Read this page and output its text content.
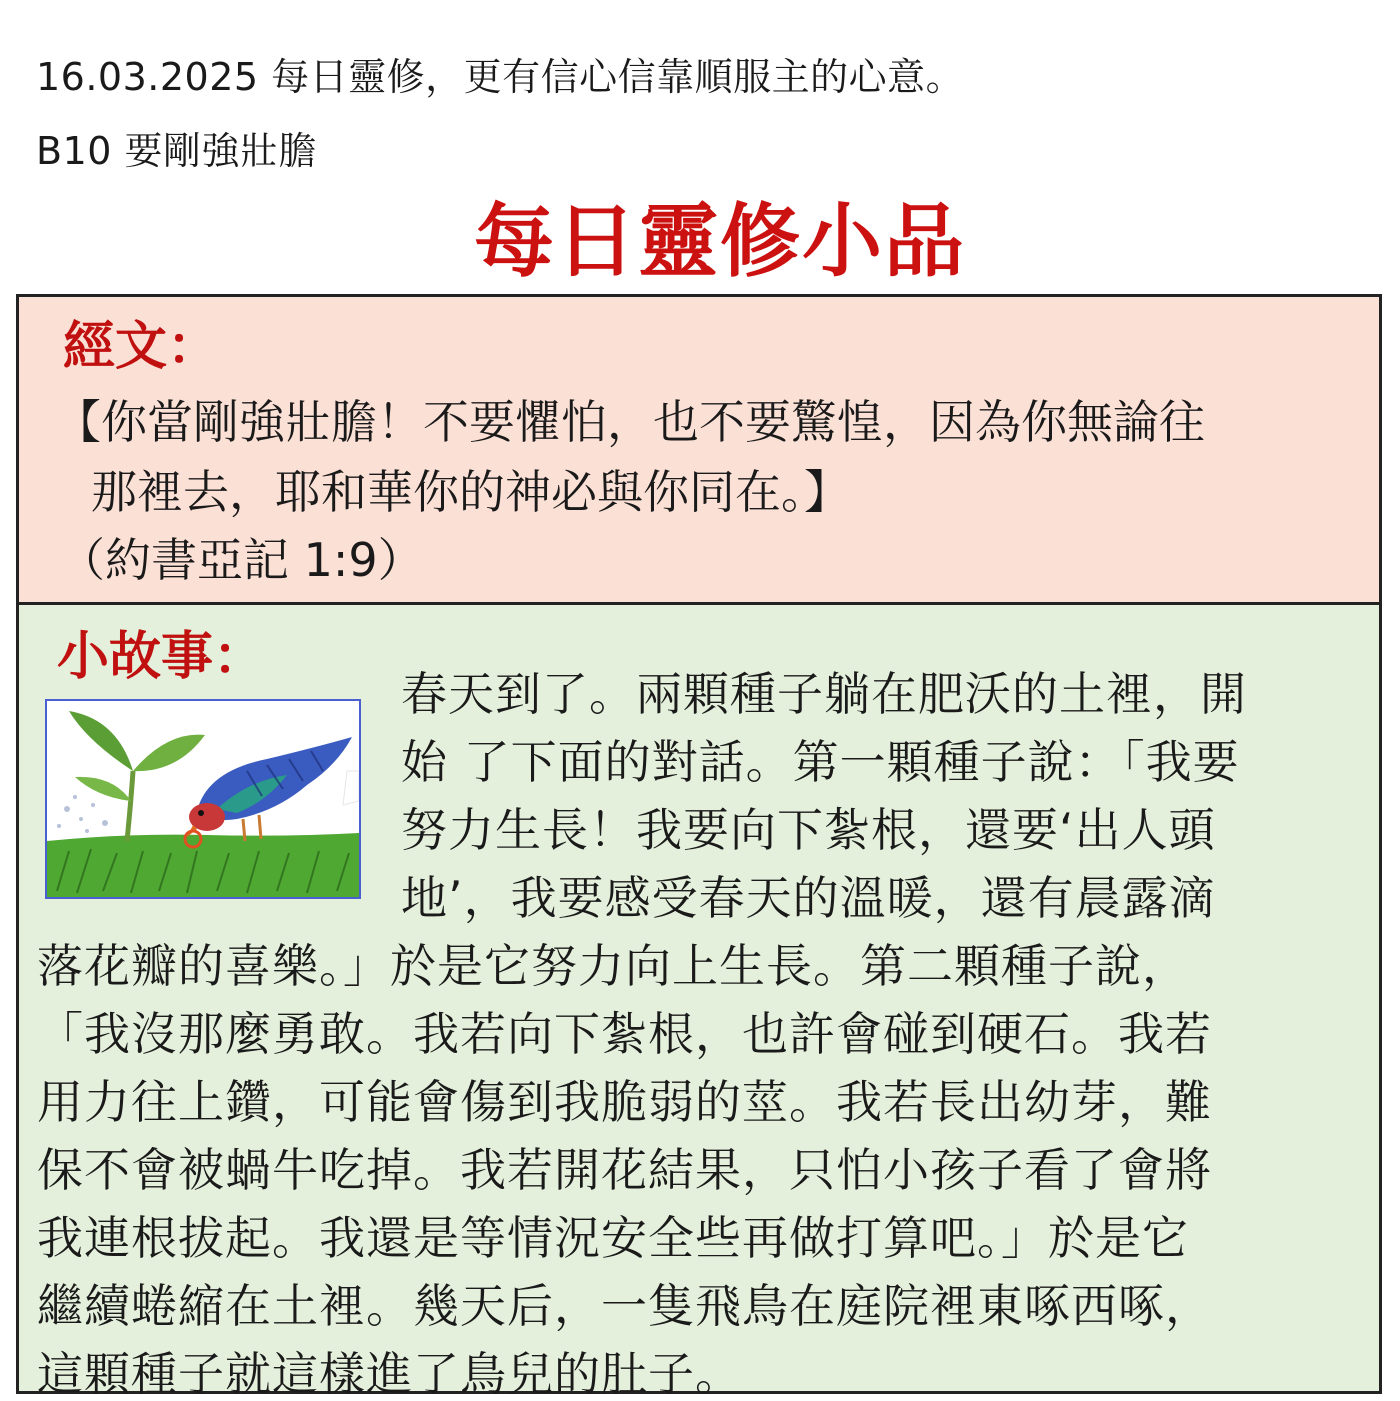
16.03.2025 每日靈修，更有信心信靠順服主的心意。
B10 要剛強壯膽
每日靈修小品
經文：
【你當剛強壯膽！不要懼怕，也不要驚惶，因為你無論往
那裡去，耶和華你的神必與你同在。】
（約書亞記 1:9）
小故事：
春天到了。兩顆種子躺在肥沃的土裡，開
始 了下面的對話。第一顆種子說：「我要
努力生長！我要向下紮根，還要‘出人頭
地’，我要感受春天的溫暖，還有晨露滴
落花瓣的喜樂。」於是它努力向上生長。第二顆種子說，
「我沒那麼勇敢。我若向下紮根，也許會碰到硬石。我若
用力往上鑽，可能會傷到我脆弱的莖。我若長出幼芽，難
保不會被蝸牛吃掉。我若開花結果，只怕小孩子看了會將
我連根拔起。我還是等情況安全些再做打算吧。」於是它
繼續蜷縮在土裡。幾天后，一隻飛鳥在庭院裡東啄西啄，
這顆種子就這樣進了鳥兒的肚子。
